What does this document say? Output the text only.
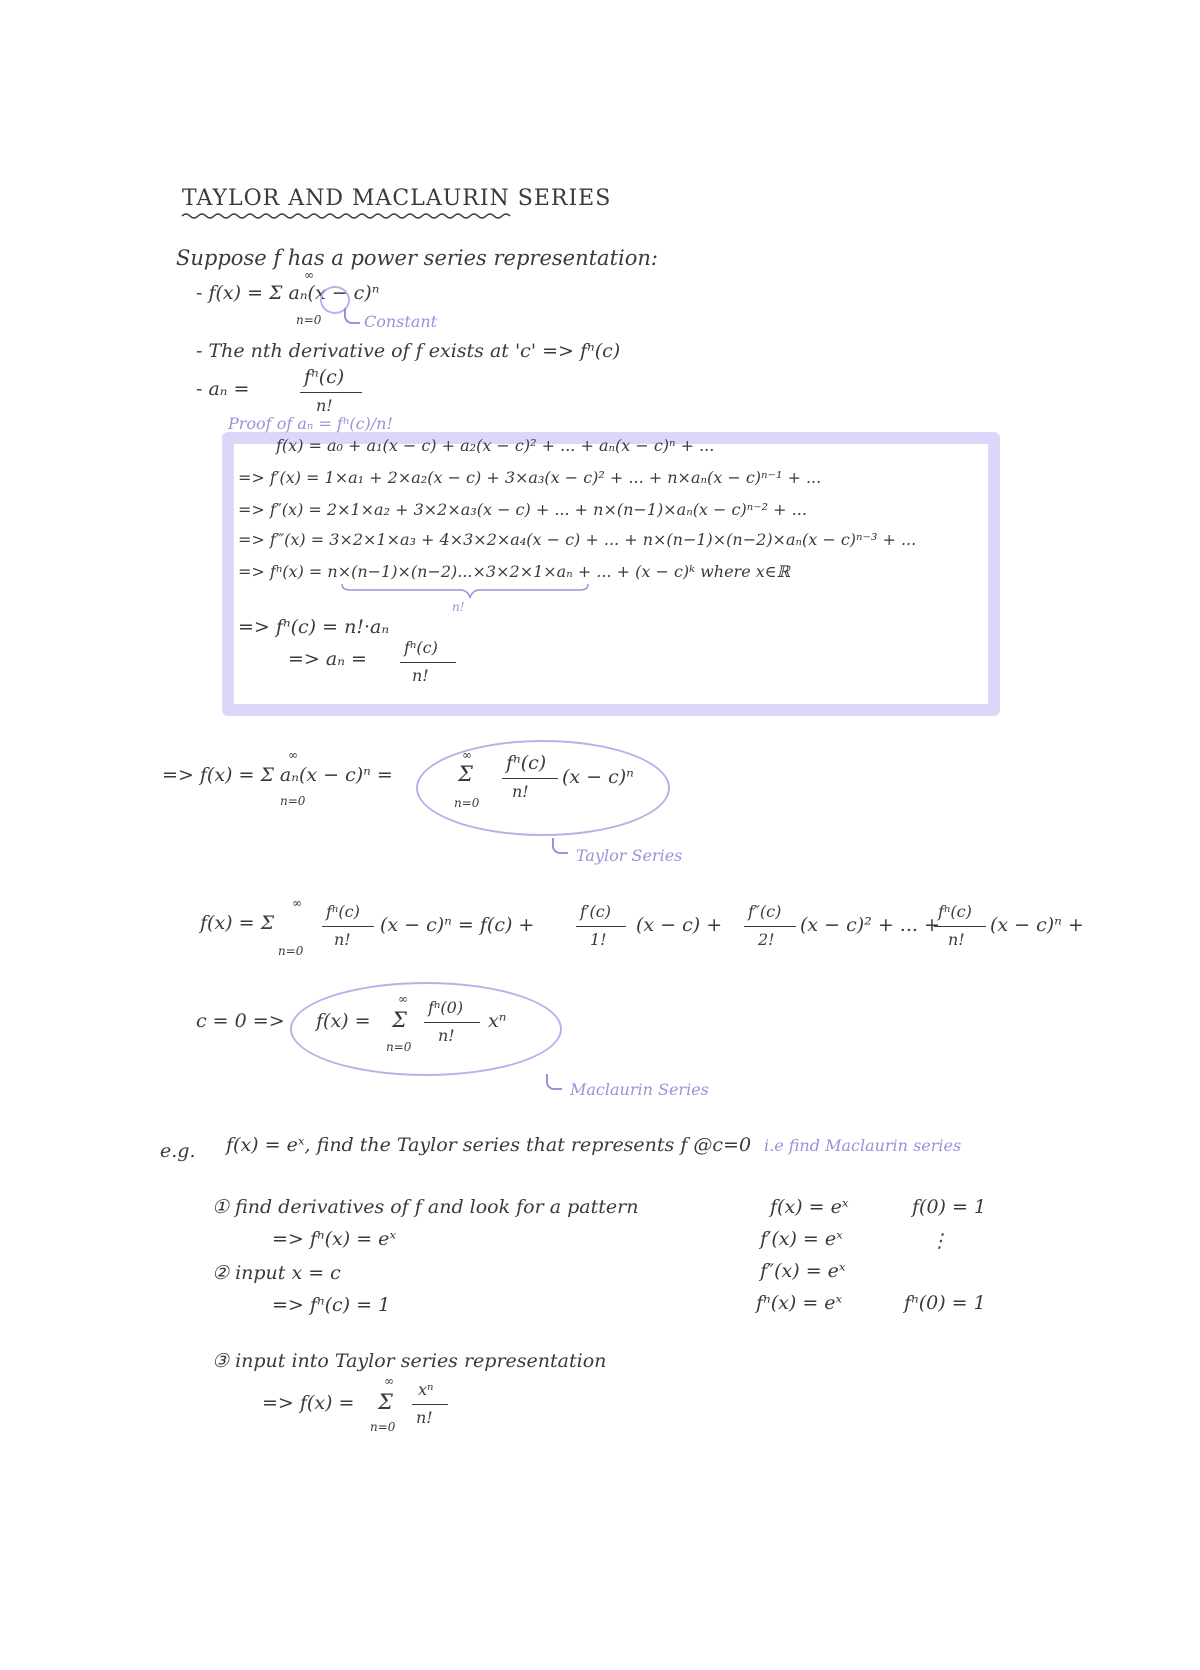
TAYLOR AND MACLAURIN SERIES
Suppose f has a power series representation:
- f(x) = Σ aₙ(x − c)ⁿ
∞
n=0	Constant
- The nth derivative of f exists at 'c' => fⁿ(c)
- aₙ =
fⁿ(c)
n!
Proof of aₙ = fⁿ(c)/n!
f(x) = a₀ + a₁(x − c) + a₂(x − c)² + ... + aₙ(x − c)ⁿ + ...
=> f′(x) = 1×a₁ + 2×a₂(x − c) + 3×a₃(x − c)² + ... + n×aₙ(x − c)ⁿ⁻¹ + ...
=> f″(x) = 2×1×a₂ + 3×2×a₃(x − c) + ... + n×(n−1)×aₙ(x − c)ⁿ⁻² + ...
=> f‴(x) = 3×2×1×a₃ + 4×3×2×a₄(x − c) + ... + n×(n−1)×(n−2)×aₙ(x − c)ⁿ⁻³ + ...
=> fⁿ(x) = n×(n−1)×(n−2)...×3×2×1×aₙ + ... + (x − c)ᵏ where x∈ℝ
n!
=> fⁿ(c) = n!·aₙ
=> aₙ =
fⁿ(c)
n!
=> f(x) = Σ aₙ(x − c)ⁿ =
∞
n=0
Σ
∞
n=0
fⁿ(c)
n!
(x − c)ⁿ
Taylor Series
f(x) = Σ
∞
n=0
fⁿ(c)
n!
(x − c)ⁿ = f(c) +
f′(c)
1!
(x − c) +
f″(c)
2!
(x − c)² + ... +
fⁿ(c)
n!
(x − c)ⁿ +
c = 0 => f(x) = Σ
∞
n=0
fⁿ(0)
n!
xⁿ
Maclaurin Series
e.g. f(x) = eˣ, find the Taylor series that represents f @c=0 i.e find Maclaurin series
① find derivatives of f and look for a pattern
=> fⁿ(x) = eˣ
② input x = c
=> fⁿ(c) = 1
f(x) = eˣ
f′(x) = eˣ
f″(x) = eˣ
fⁿ(x) = eˣ
f(0) = 1
⋮
fⁿ(0) = 1
③ input into Taylor series representation
=> f(x) = Σ
∞
n=0
xⁿ
n!
